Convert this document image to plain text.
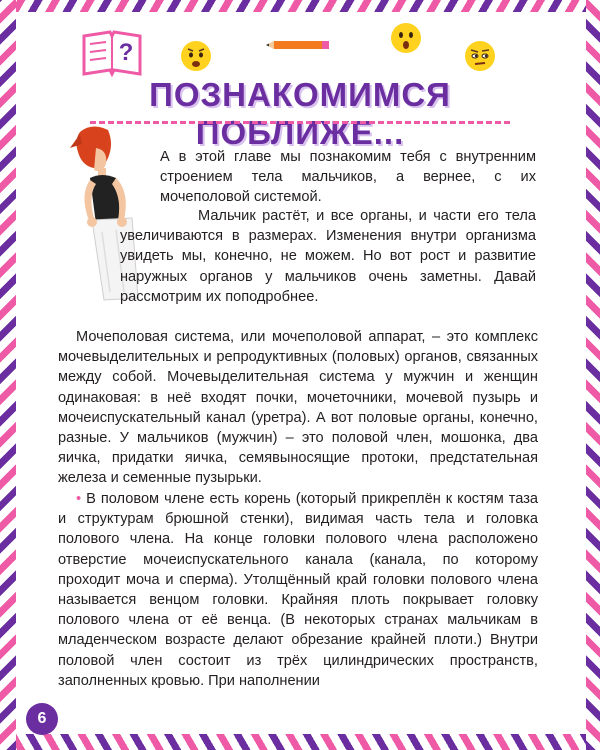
?
ПОЗНАКОМИМСЯ ПОБЛИЖЕ...

А в этой главе мы познакомим тебя с внутренним строением тела мальчиков, а вернее, с их мочеполовой системой.

Мальчик растёт, и все органы, и части его тела увеличиваются в размерах. Изменения внутри организма увидеть мы, конечно, не можем. Но вот рост и развитие наружных органов у мальчиков очень заметны. Давай рассмотрим их поподробнее.

Мочеполовая система, или мочеполовой аппарат, – это комплекс мочевыделительных и репродуктивных (половых) органов, связанных между собой. Мочевыделительная система у мужчин и женщин одинаковая: в неё входят почки, мочеточники, мочевой пузырь и мочеиспускательный канал (уретра). А вот половые органы, конечно, разные. У мальчиков (мужчин) – это половой член, мошонка, два яичка, придатки яичка, семявыносящие протоки, предстательная железа и семенные пузырьки.

• В половом члене есть корень (который прикреплён к костям таза и структурам брюшной стенки), видимая часть тела и головка полового члена. На конце головки полового члена расположено отверстие мочеиспускательного канала (канала, по которому проходит моча и сперма). Утолщённый край головки полового члена называется венцом головки. Крайняя плоть покрывает головку полового члена от её венца. (В некоторых странах мальчикам в младенческом возрасте делают обрезание крайней плоти.) Внутри половой член состоит из трёх цилиндрических пространств, заполненных кровью. При наполнении

6
